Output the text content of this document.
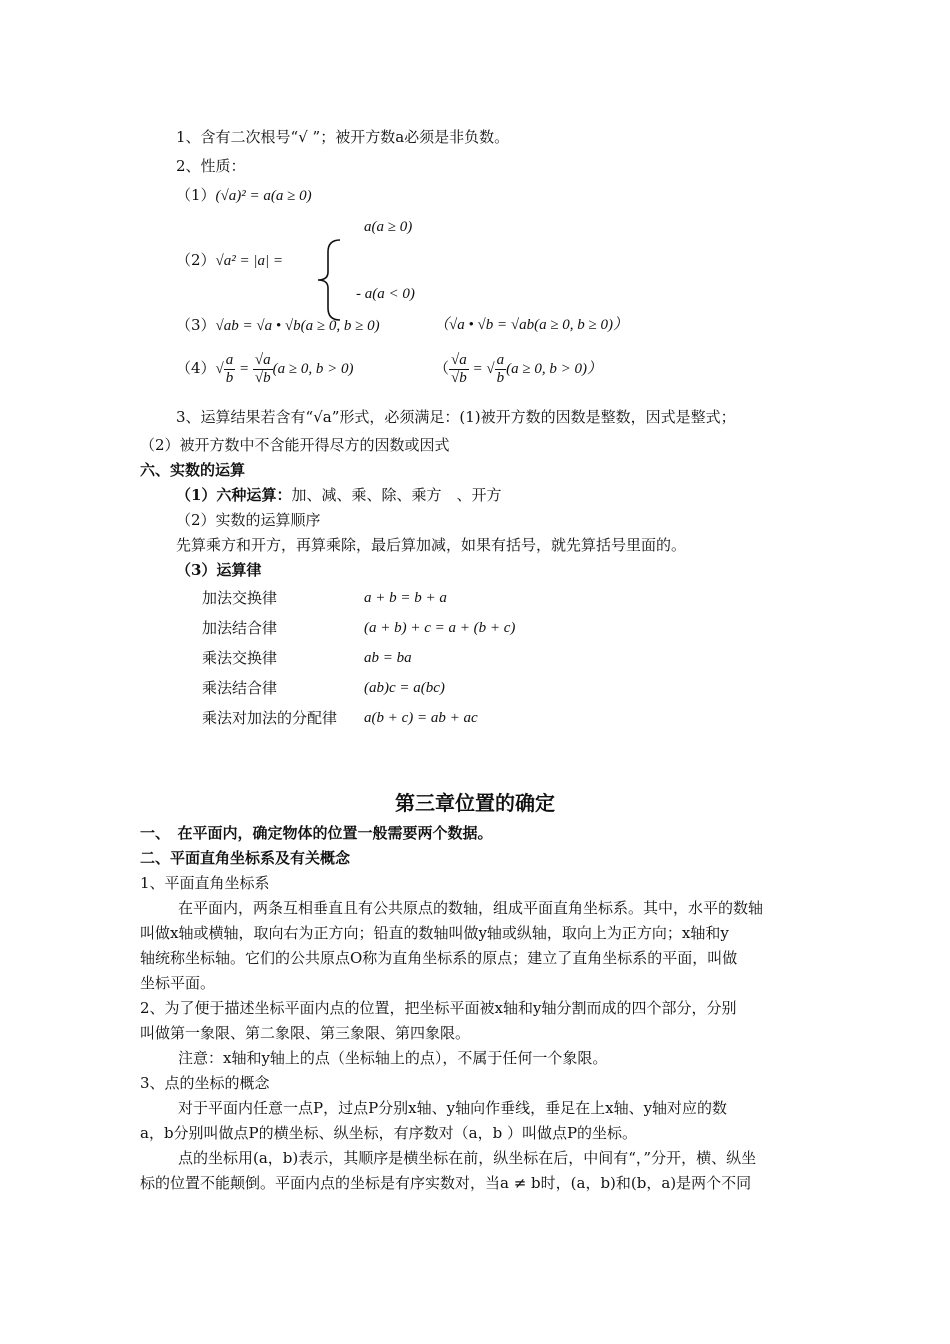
1、含有二次根号“√ ”；被开方数a必须是非负数。
2、性质：
（1）(√a)² = a(a ≥ 0)
a(a ≥ 0)
（2）√a² = |a| =
- a(a < 0)
（3）√ab = √a • √b(a ≥ 0, b ≥ 0)	（√a • √b = √ab(a ≥ 0, b ≥ 0)）
$(4)√ \frac{a}{b} = \frac{√a}{√b} (a \ge 0$, b > 0)	（ $\frac{√a}{√b}$ = √ $\frac{a}{b} (a \ge 0$, b > 0)）
3、运算结果若含有“√a”形式，必须满足：(1)被开方数的因数是整数，因式是整式；
（2）被开方数中不含能开得尽方的因数或因式
六、实数的运算
（1）六种运算：加、减、乘、除、乘方　、开方
（2）实数的运算顺序
先算乘方和开方，再算乘除，最后算加减，如果有括号，就先算括号里面的。
（3）运算律
加法交换律	a + b = b + a
加法结合律	(a + b) + c = a + (b + c)
乘法交换律	ab = ba
乘法结合律	(ab)c = a(bc)
乘法对加法的分配律 a(b + c) = ab + ac
第三章位置的确定
一、　在平面内，确定物体的位置一般需要两个数据。
二、平面直角坐标系及有关概念
1、平面直角坐标系
在平面内，两条互相垂直且有公共原点的数轴，组成平面直角坐标系。其中，水平的数轴
叫做x轴或横轴，取向右为正方向；铅直的数轴叫做y轴或纵轴，取向上为正方向；x轴和y
轴统称坐标轴。它们的公共原点O称为直角坐标系的原点；建立了直角坐标系的平面，叫做
坐标平面。
2、为了便于描述坐标平面内点的位置，把坐标平面被x轴和y轴分割而成的四个部分，分别
叫做第一象限、第二象限、第三象限、第四象限。
注意：x轴和y轴上的点（坐标轴上的点），不属于任何一个象限。
3、点的坐标的概念
对于平面内任意一点P，过点P分别x轴、y轴向作垂线，垂足在上x轴、y轴对应的数
a，b分别叫做点P的横坐标、纵坐标，有序数对（a，b ）叫做点P的坐标。
点的坐标用(a，b)表示，其顺序是横坐标在前，纵坐标在后，中间有“，”分开，横、纵坐
标的位置不能颠倒。平面内点的坐标是有序实数对，当a ≠ b时，(a，b)和(b，a)是两个不同
